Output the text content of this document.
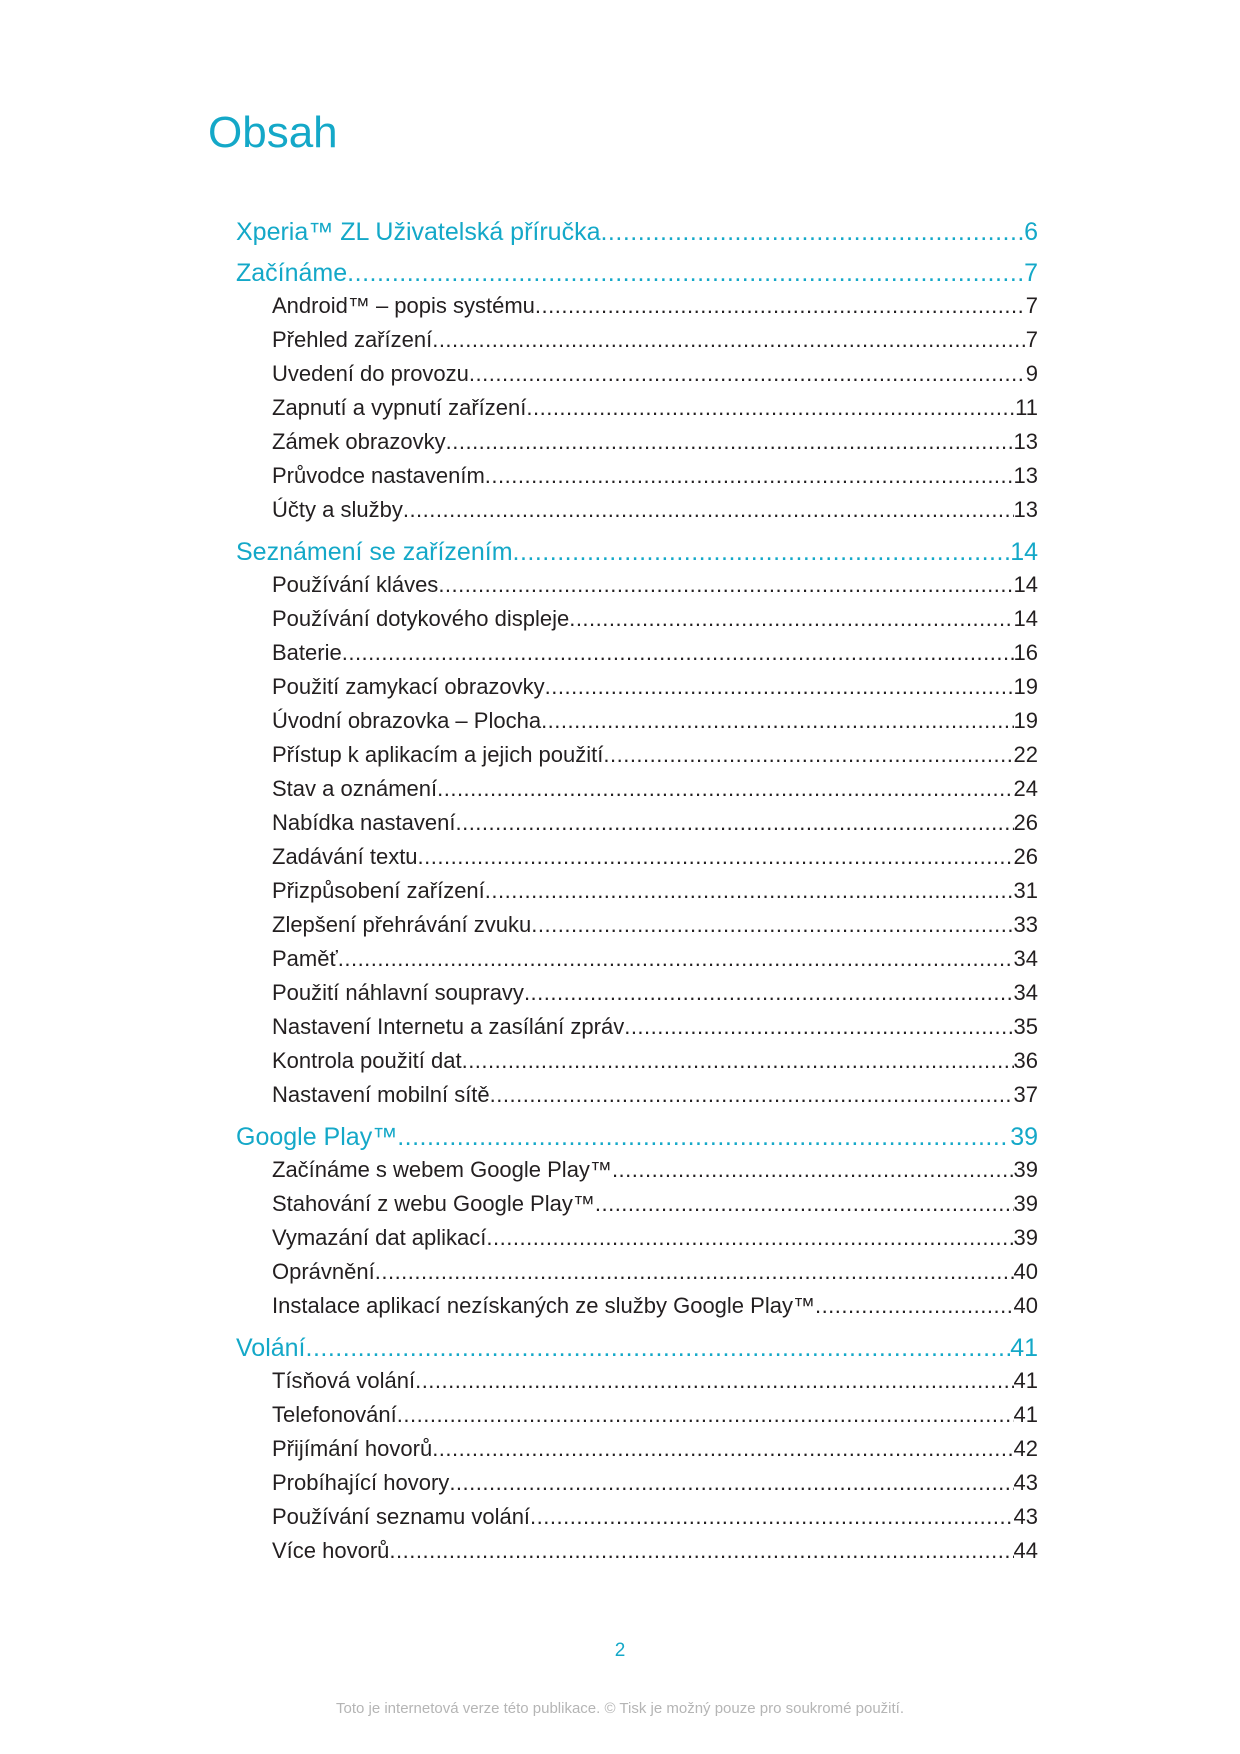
Obsah
Xperia™ ZL Uživatelská příručka .....	6
Začínáme .....	7
Android™ – popis systému .....	7
Přehled zařízení .....	7
Uvedení do provozu .....	9
Zapnutí a vypnutí zařízení .....	11
Zámek obrazovky .....	13
Průvodce nastavením .....	13
Účty a služby .....	13
Seznámení se zařízením .....	14
Používání kláves .....	14
Používání dotykového displeje .....	14
Baterie .....	16
Použití zamykací obrazovky .....	19
Úvodní obrazovka – Plocha .....	19
Přístup k aplikacím a jejich použití .....	22
Stav a oznámení .....	24
Nabídka nastavení .....	26
Zadávání textu .....	26
Přizpůsobení zařízení .....	31
Zlepšení přehrávání zvuku .....	33
Paměť .....	34
Použití náhlavní soupravy .....	34
Nastavení Internetu a zasílání zpráv .....	35
Kontrola použití dat .....	36
Nastavení mobilní sítě .....	37
Google Play™ .....	39
Začínáme s webem Google Play™ .....	39
Stahování z webu Google Play™ .....	39
Vymazání dat aplikací .....	39
Oprávnění .....	40
Instalace aplikací nezískaných ze služby Google Play™ .....	40
Volání .....	41
Tísňová volání .....	41
Telefonování .....	41
Přijímání hovorů .....	42
Probíhající hovory .....	43
Používání seznamu volání .....	43
Více hovorů .....	44
2
Toto je internetová verze této publikace. © Tisk je možný pouze pro soukromé použití.
